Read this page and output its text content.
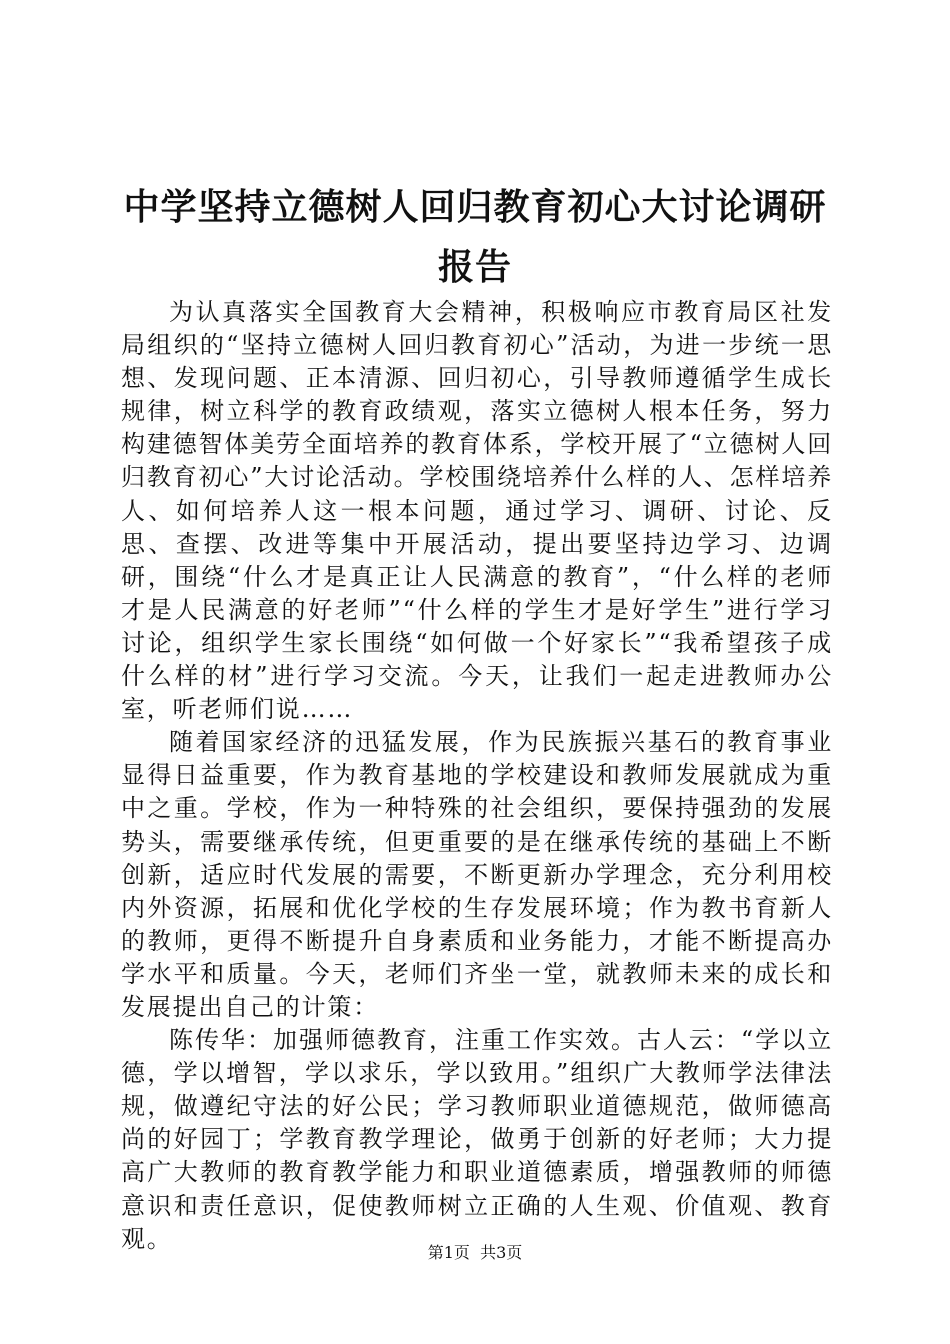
中学坚持立德树人回归教育初心大讨论调研报告

为认真落实全国教育大会精神，积极响应市教育局区社发局组织的“坚持立德树人回归教育初心”活动，为进一步统一思想、发现问题、正本清源、回归初心，引导教师遵循学生成长规律，树立科学的教育政绩观，落实立德树人根本任务，努力构建德智体美劳全面培养的教育体系，学校开展了“立德树人回归教育初心”大讨论活动。学校围绕培养什么样的人、怎样培养人、如何培养人这一根本问题，通过学习、调研、讨论、反思、查摆、改进等集中开展活动，提出要坚持边学习、边调研，围绕“什么才是真正让人民满意的教育”，“什么样的老师才是人民满意的好老师”“什么样的学生才是好学生”进行学习讨论，组织学生家长围绕“如何做一个好家长”“我希望孩子成什么样的材”进行学习交流。今天，让我们一起走进教师办公室，听老师们说……

随着国家经济的迅猛发展，作为民族振兴基石的教育事业显得日益重要，作为教育基地的学校建设和教师发展就成为重中之重。学校，作为一种特殊的社会组织，要保持强劲的发展势头，需要继承传统，但更重要的是在继承传统的基础上不断创新，适应时代发展的需要，不断更新办学理念，充分利用校内外资源，拓展和优化学校的生存发展环境；作为教书育新人的教师，更得不断提升自身素质和业务能力，才能不断提高办学水平和质量。今天，老师们齐坐一堂，就教师未来的成长和发展提出自己的计策：

陈传华：加强师德教育，注重工作实效。古人云：“学以立德，学以增智，学以求乐，学以致用。”组织广大教师学法律法规，做遵纪守法的好公民；学习教师职业道德规范，做师德高尚的好园丁；学教育教学理论，做勇于创新的好老师；大力提高广大教师的教育教学能力和职业道德素质，增强教师的师德意识和责任意识，促使教师树立正确的人生观、价值观、教育观。	第1页 共3页
